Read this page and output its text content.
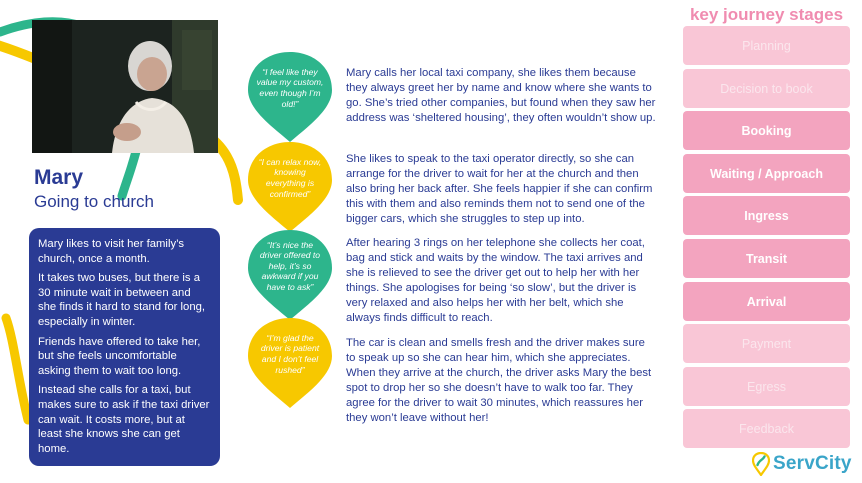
Mary
Going to church

Mary likes to visit her family’s church, once a month.

It takes two buses, but there is a 30 minute wait in between and she finds it hard to stand for long, especially in winter.

Friends have offered to take her, but she feels uncomfortable asking them to wait too long.

Instead she calls for a taxi, but makes sure to ask if the taxi driver can wait. It costs more, but at least she knows she can get home.

“I feel like they value my custom, even though I’m old!”
“I can relax now, knowing everything is confirmed”
“It’s nice the driver offered to help, it’s so awkward if you have to ask”
“I’m glad the driver is patient and I don’t feel rushed”
Mary calls her local taxi company, she likes them because they always greet her by name and know where she wants to go. She’s tried other companies, but found when they saw her address was ‘sheltered housing’, they often wouldn’t show up.
She likes to speak to the taxi operator directly, so she can arrange for the driver to wait for her at the church and then also bring her back after. She feels happier if she can confirm this with them and also reminds them not to send one of the bigger cars, which she struggles to step up into.
After hearing 3 rings on her telephone she collects her coat, bag and stick and waits by the window. The taxi arrives and she is relieved to see the driver get out to help her with her things. She apologises for being ‘so slow’, but the driver is very relaxed and also helps her with her belt, which she always finds difficult to reach.
The car is clean and smells fresh and the driver makes sure to speak up so she can hear him, which she appreciates. When they arrive at the church, the driver asks Mary the best spot to drop her so she doesn’t have to walk too far. They agree for the driver to wait 30 minutes, which reassures her they won’t leave without her!
key journey stages
Planning
Decision to book
Booking
Waiting / Approach
Ingress
Transit
Arrival
Payment
Egress
Feedback
ServCity
